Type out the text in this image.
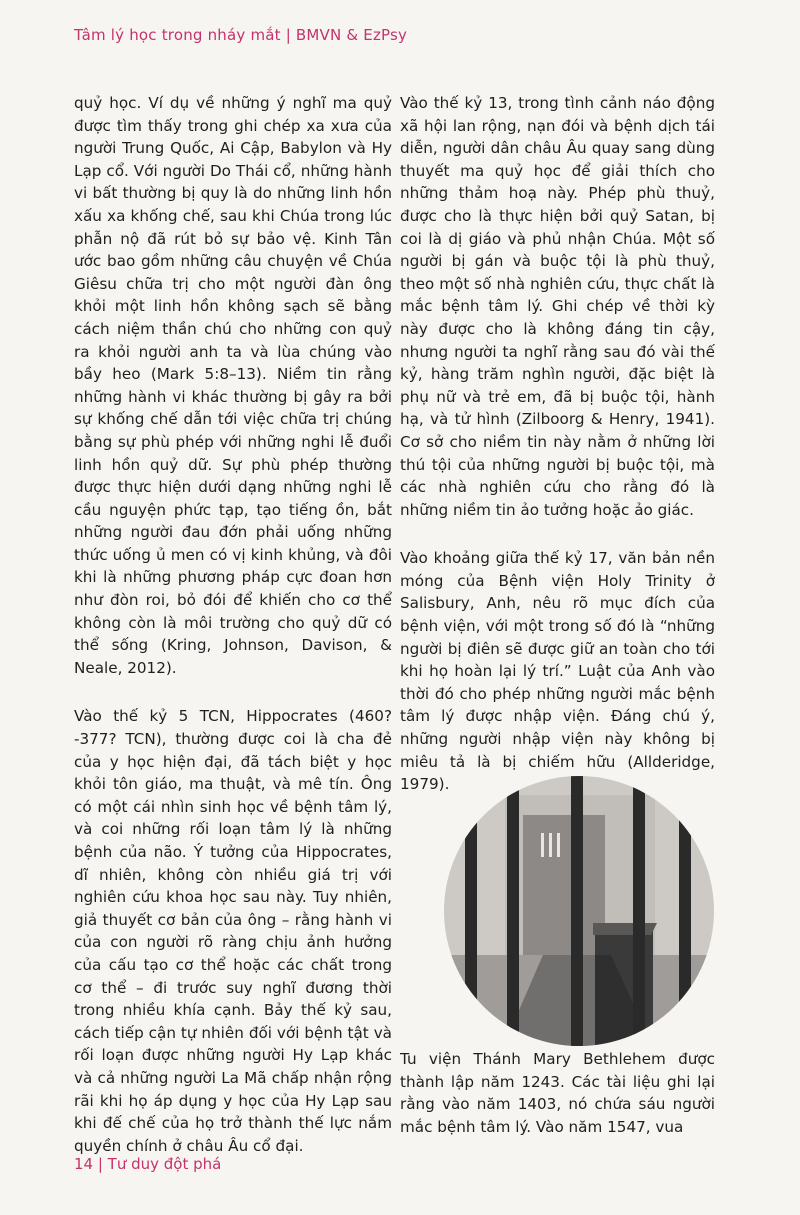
Tâm lý học trong nháy mắt | BMVN & EzPsy

quỷ học. Ví dụ về những ý nghĩ ma quỷ được tìm thấy trong ghi chép xa xưa của người Trung Quốc, Ai Cập, Babylon và Hy Lạp cổ. Với người Do Thái cổ, những hành vi bất thường bị quy là do những linh hồn xấu xa khống chế, sau khi Chúa trong lúc phẫn nộ đã rút bỏ sự bảo vệ. Kinh Tân ước bao gồm những câu chuyện về Chúa Giêsu chữa trị cho một người đàn ông khỏi một linh hồn không sạch sẽ bằng cách niệm thần chú cho những con quỷ ra khỏi người anh ta và lùa chúng vào bầy heo (Mark 5:8–13). Niềm tin rằng những hành vi khác thường bị gây ra bởi sự khống chế dẫn tới việc chữa trị chúng bằng sự phù phép với những nghi lễ đuổi linh hồn quỷ dữ. Sự phù phép thường được thực hiện dưới dạng những nghi lễ cầu nguyện phức tạp, tạo tiếng ồn, bắt những người đau đớn phải uống những thức uống ủ men có vị kinh khủng, và đôi khi là những phương pháp cực đoan hơn như đòn roi, bỏ đói để khiến cho cơ thể không còn là môi trường cho quỷ dữ có thể sống (Kring, Johnson, Davison, & Neale, 2012).

Vào thế kỷ 5 TCN, Hippocrates (460?-377? TCN), thường được coi là cha đẻ của y học hiện đại, đã tách biệt y học khỏi tôn giáo, ma thuật, và mê tín. Ông có một cái nhìn sinh học về bệnh tâm lý, và coi những rối loạn tâm lý là những bệnh của não. Ý tưởng của Hippocrates, dĩ nhiên, không còn nhiều giá trị với nghiên cứu khoa học sau này. Tuy nhiên, giả thuyết cơ bản của ông – rằng hành vi của con người rõ ràng chịu ảnh hưởng của cấu tạo cơ thể hoặc các chất trong cơ thể – đi trước suy nghĩ đương thời trong nhiều khía cạnh. Bảy thế kỷ sau, cách tiếp cận tự nhiên đối với bệnh tật và rối loạn được những người Hy Lạp khác và cả những người La Mã chấp nhận rộng rãi khi họ áp dụng y học của Hy Lạp sau khi đế chế của họ trở thành thế lực nắm quyền chính ở châu Âu cổ đại.

Vào thế kỷ 13, trong tình cảnh náo động xã hội lan rộng, nạn đói và bệnh dịch tái diễn, người dân châu Âu quay sang dùng thuyết ma quỷ học để giải thích cho những thảm hoạ này. Phép phù thuỷ, được cho là thực hiện bởi quỷ Satan, bị coi là dị giáo và phủ nhận Chúa. Một số người bị gán và buộc tội là phù thuỷ, theo một số nhà nghiên cứu, thực chất là mắc bệnh tâm lý. Ghi chép về thời kỳ này được cho là không đáng tin cậy, nhưng người ta nghĩ rằng sau đó vài thế kỷ, hàng trăm nghìn người, đặc biệt là phụ nữ và trẻ em, đã bị buộc tội, hành hạ, và tử hình (Zilboorg & Henry, 1941). Cơ sở cho niềm tin này nằm ở những lời thú tội của những người bị buộc tội, mà các nhà nghiên cứu cho rằng đó là những niềm tin ảo tưởng hoặc ảo giác.

Vào khoảng giữa thế kỷ 17, văn bản nền móng của Bệnh viện Holy Trinity ở Salisbury, Anh, nêu rõ mục đích của bệnh viện, với một trong số đó là “những người bị điên sẽ được giữ an toàn cho tới khi họ hoàn lại lý trí.” Luật của Anh vào thời đó cho phép những người mắc bệnh tâm lý được nhập viện. Đáng chú ý, những người nhập viện này không bị miêu tả là bị chiếm hữu (Allderidge, 1979).

Tu viện Thánh Mary Bethlehem được thành lập năm 1243. Các tài liệu ghi lại rằng vào năm 1403, nó chứa sáu người mắc bệnh tâm lý. Vào năm 1547, vua

14 | Tư duy đột phá
